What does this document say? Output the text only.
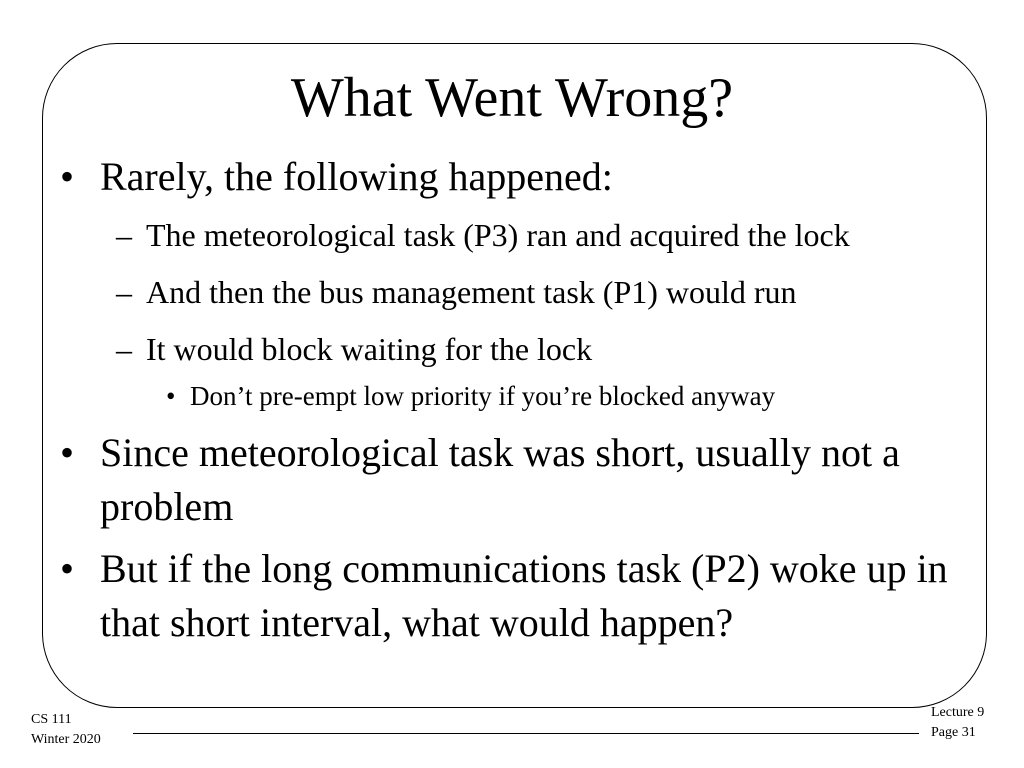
What Went Wrong?
• Rarely, the following happened:
– The meteorological task (P3) ran and acquired the lock
– And then the bus management task (P1) would run
– It would block waiting for the lock
• Don’t pre-empt low priority if you’re blocked anyway
• Since meteorological task was short, usually not a problem
• But if the long communications task (P2) woke up in that short interval, what would happen?
CS 111
Winter 2020
Lecture 9
Page 31
